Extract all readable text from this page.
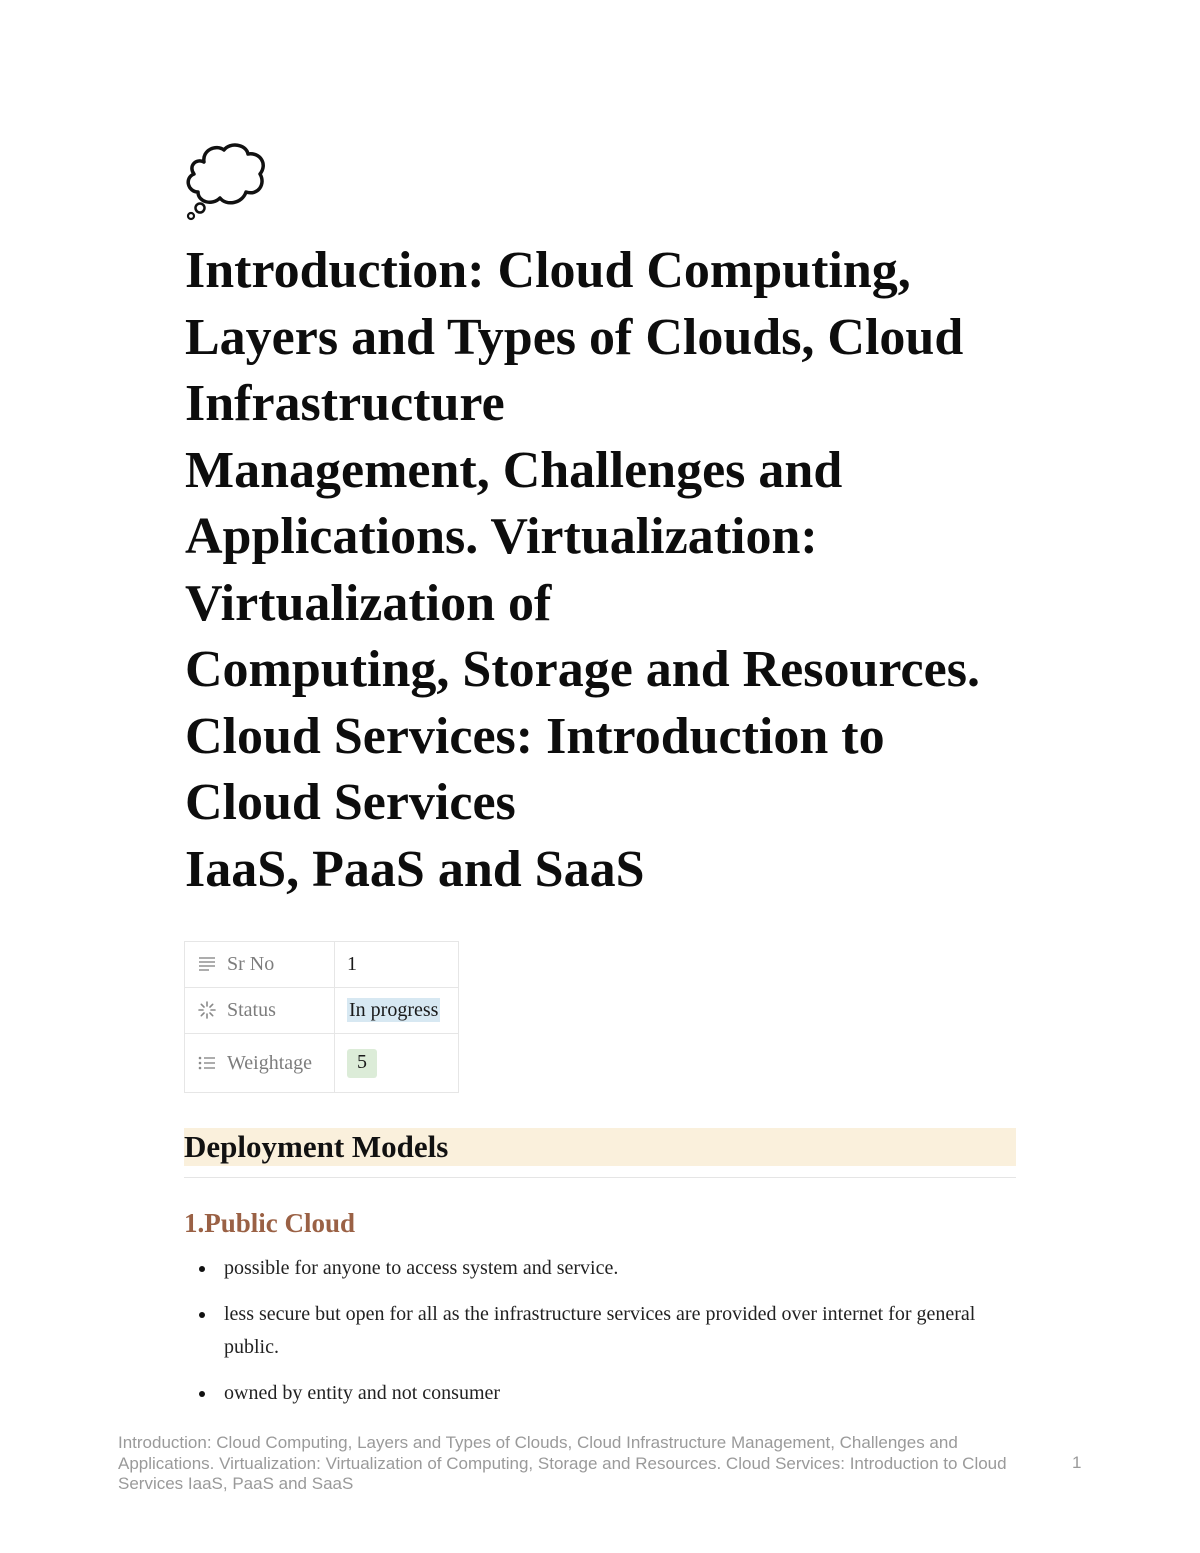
Introduction: Cloud Computing,
Layers and Types of Clouds, Cloud
Infrastructure
Management, Challenges and
Applications. Virtualization:
Virtualization of
Computing, Storage and Resources.
Cloud Services: Introduction to
Cloud Services
IaaS, PaaS and SaaS
Sr No	1
Status	In progress
Weightage	5
Deployment Models
1.Public Cloud
possible for anyone to access system and service.
less secure but open for all as the infrastructure services are provided over internet for general public.
owned by entity and not consumer

Introduction: Cloud Computing, Layers and Types of Clouds, Cloud Infrastructure Management, Challenges and Applications. Virtualization: Virtualization of Computing, Storage and Resources. Cloud Services: Introduction to Cloud Services IaaS, PaaS and SaaS

1
